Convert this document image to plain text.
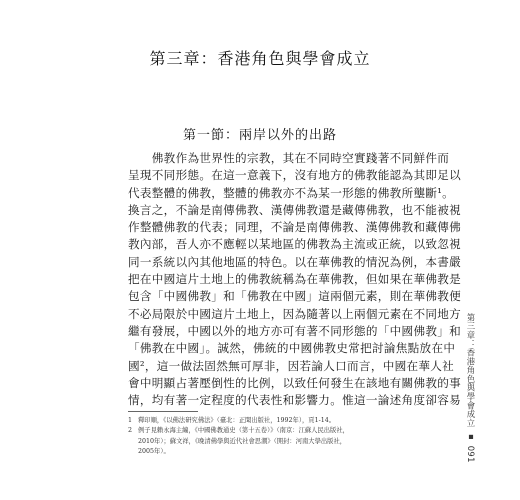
第三章：香港角色與學會成立
第一節：兩岸以外的出路
　　佛教作為世界性的宗教，其在不同時空實踐著不同鮮件而
呈現不同形態。在這一意義下，沒有地方的佛教能認為其即足以
代表整體的佛教，整體的佛教亦不為某一形態的佛教所壟斷¹。
換言之，不論是南傳佛教、漢傳佛教還是藏傳佛教，也不能被視
作整體佛教的代表；同理，不論是南傳佛教、漢傳佛教和藏傳佛
教內部，吾人亦不應輕以某地區的佛教為主流或正統，以致忽視
同一系統以內其他地區的特色。以在華佛教的情況為例，本書嚴
把在中國這片土地上的佛教統稱為在華佛教，但如果在華佛教是
包含「中國佛教」和「佛教在中國」這兩個元素，則在華佛教便
不必局限於中國這片土地上，因為隨著以上兩個元素在不同地方
繼有發展，中國以外的地方亦可有著不同形態的「中國佛教」和
「佛教在中國」。誠然，佛統的中國佛教史常把討論焦點放在中
國²，這一做法固然無可厚非，因若論人口而言，中國在華人社
會中明顯占著壓倒性的比例，以致任何發生在該地有關佛教的事
情，均有著一定程度的代表性和影響力。惟這一論述角度卻容易
1 釋印順，《以佛法研究佛法》（臺北：正聞出版社，1992年），頁1-14。
2 例子見賴永海主編，《中國佛教通史（第十五卷）》（南京：江蘇人民出版社，
2010年）；蘇文祥，《晚清佛學與近代社會思潮》（開封：河南大學出版社，
2005年）。
第三章：香港角色與學會成立▪091
